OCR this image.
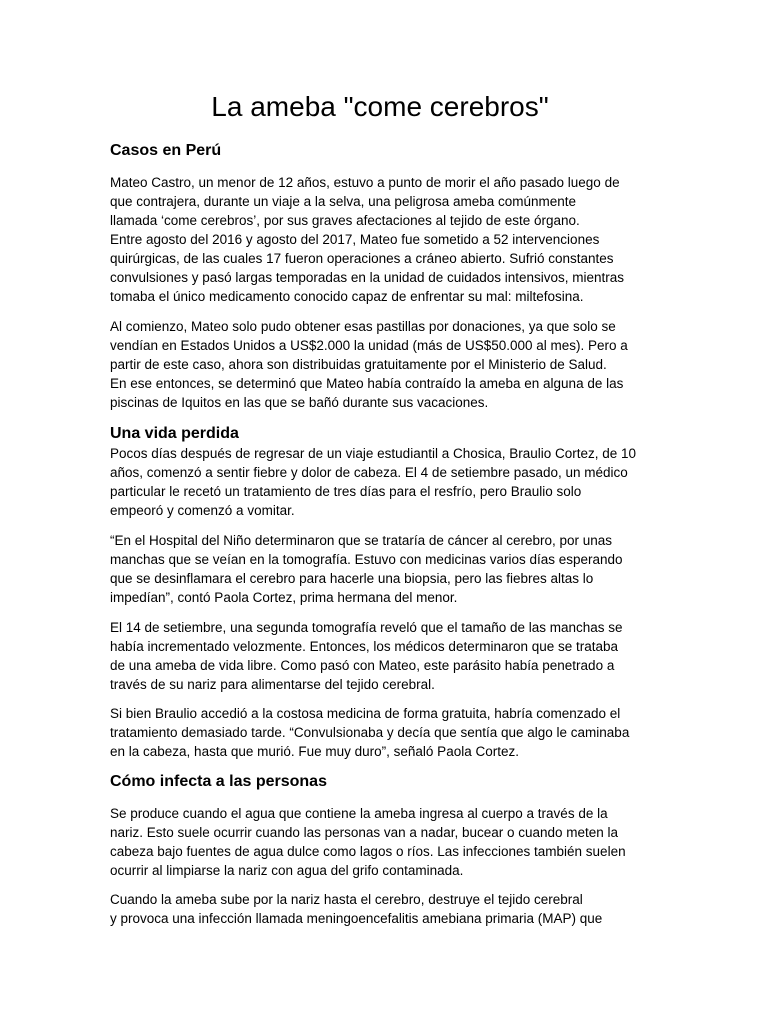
La ameba "come cerebros"
Casos en Perú

Mateo Castro, un menor de 12 años, estuvo a punto de morir el año pasado luego de
que contrajera, durante un viaje a la selva, una peligrosa ameba comúnmente
llamada ‘come cerebros’, por sus graves afectaciones al tejido de este órgano.
Entre agosto del 2016 y agosto del 2017, Mateo fue sometido a 52 intervenciones
quirúrgicas, de las cuales 17 fueron operaciones a cráneo abierto. Sufrió constantes
convulsiones y pasó largas temporadas en la unidad de cuidados intensivos, mientras
tomaba el único medicamento conocido capaz de enfrentar su mal: miltefosina.

Al comienzo, Mateo solo pudo obtener esas pastillas por donaciones, ya que solo se
vendían en Estados Unidos a US$2.000 la unidad (más de US$50.000 al mes). Pero a
partir de este caso, ahora son distribuidas gratuitamente por el Ministerio de Salud.
En ese entonces, se determinó que Mateo había contraído la ameba en alguna de las
piscinas de Iquitos en las que se bañó durante sus vacaciones.

Una vida perdida

Pocos días después de regresar de un viaje estudiantil a Chosica, Braulio Cortez, de 10
años, comenzó a sentir fiebre y dolor de cabeza. El 4 de setiembre pasado, un médico
particular le recetó un tratamiento de tres días para el resfrío, pero Braulio solo
empeoró y comenzó a vomitar.

“En el Hospital del Niño determinaron que se trataría de cáncer al cerebro, por unas
manchas que se veían en la tomografía. Estuvo con medicinas varios días esperando
que se desinflamara el cerebro para hacerle una biopsia, pero las fiebres altas lo
impedían”, contó Paola Cortez, prima hermana del menor.

El 14 de setiembre, una segunda tomografía reveló que el tamaño de las manchas se
había incrementado velozmente. Entonces, los médicos determinaron que se trataba
de una ameba de vida libre. Como pasó con Mateo, este parásito había penetrado a
través de su nariz para alimentarse del tejido cerebral.

Si bien Braulio accedió a la costosa medicina de forma gratuita, habría comenzado el
tratamiento demasiado tarde. “Convulsionaba y decía que sentía que algo le caminaba
en la cabeza, hasta que murió. Fue muy duro”, señaló Paola Cortez.

Cómo infecta a las personas

Se produce cuando el agua que contiene la ameba ingresa al cuerpo a través de la
nariz. Esto suele ocurrir cuando las personas van a nadar, bucear o cuando meten la
cabeza bajo fuentes de agua dulce como lagos o ríos. Las infecciones también suelen
ocurrir al limpiarse la nariz con agua del grifo contaminada.

Cuando la ameba sube por la nariz hasta el cerebro, destruye el tejido cerebral
y provoca una infección llamada meningoencefalitis amebiana primaria (MAP) que
